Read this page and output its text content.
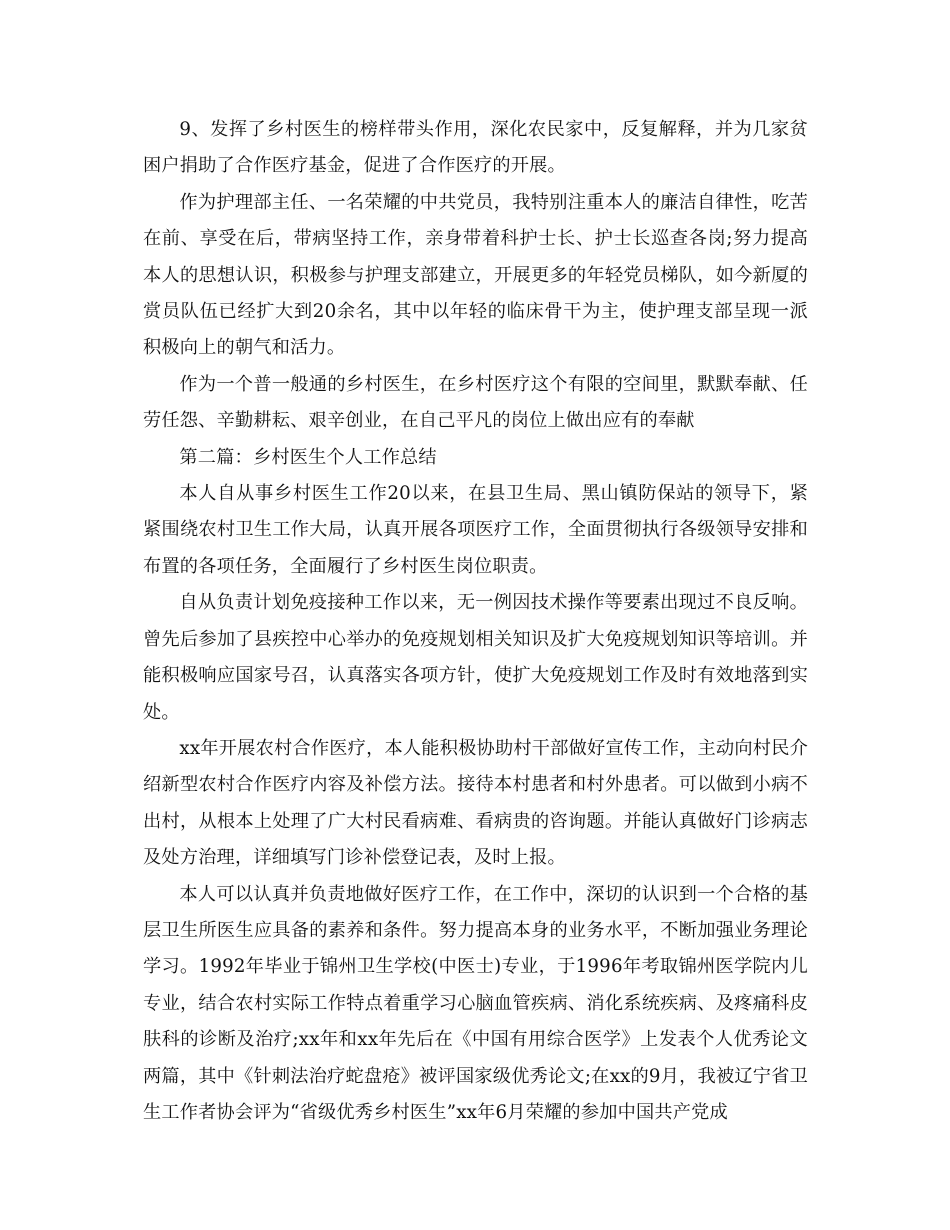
9、发挥了乡村医生的榜样带头作用，深化农民家中，反复解释，并为几家贫困户捐助了合作医疗基金，促进了合作医疗的开展。

作为护理部主任、一名荣耀的中共党员，我特别注重本人的廉洁自律性，吃苦在前、享受在后，带病坚持工作，亲身带着科护士长、护士长巡查各岗;努力提高本人的思想认识，积极参与护理支部建立，开展更多的年轻党员梯队，如今新厦的赏员队伍已经扩大到20余名，其中以年轻的临床骨干为主，使护理支部呈现一派积极向上的朝气和活力。

作为一个普一般通的乡村医生，在乡村医疗这个有限的空间里，默默奉献、任劳任怨、辛勤耕耘、艰辛创业，在自己平凡的岗位上做出应有的奉献

第二篇：乡村医生个人工作总结

本人自从事乡村医生工作20以来，在县卫生局、黑山镇防保站的领导下，紧紧围绕农村卫生工作大局，认真开展各项医疗工作，全面贯彻执行各级领导安排和布置的各项任务，全面履行了乡村医生岗位职责。

自从负责计划免疫接种工作以来，无一例因技术操作等要素出现过不良反响。曾先后参加了县疾控中心举办的免疫规划相关知识及扩大免疫规划知识等培训。并能积极响应国家号召，认真落实各项方针，使扩大免疫规划工作及时有效地落到实处。

xx年开展农村合作医疗，本人能积极协助村干部做好宣传工作，主动向村民介绍新型农村合作医疗内容及补偿方法。接待本村患者和村外患者。可以做到小病不出村，从根本上处理了广大村民看病难、看病贵的咨询题。并能认真做好门诊病志及处方治理，详细填写门诊补偿登记表，及时上报。

本人可以认真并负责地做好医疗工作，在工作中，深切的认识到一个合格的基层卫生所医生应具备的素养和条件。努力提高本身的业务水平，不断加强业务理论学习。1992年毕业于锦州卫生学校(中医士)专业，于1996年考取锦州医学院内儿专业，结合农村实际工作特点着重学习心脑血管疾病、消化系统疾病、及疼痛科皮肤科的诊断及治疗;xx年和xx年先后在《中国有用综合医学》上发表个人优秀论文两篇，其中《针刺法治疗蛇盘疮》被评国家级优秀论文;在xx的9月，我被辽宁省卫生工作者协会评为“省级优秀乡村医生”xx年6月荣耀的参加中国共产党成
